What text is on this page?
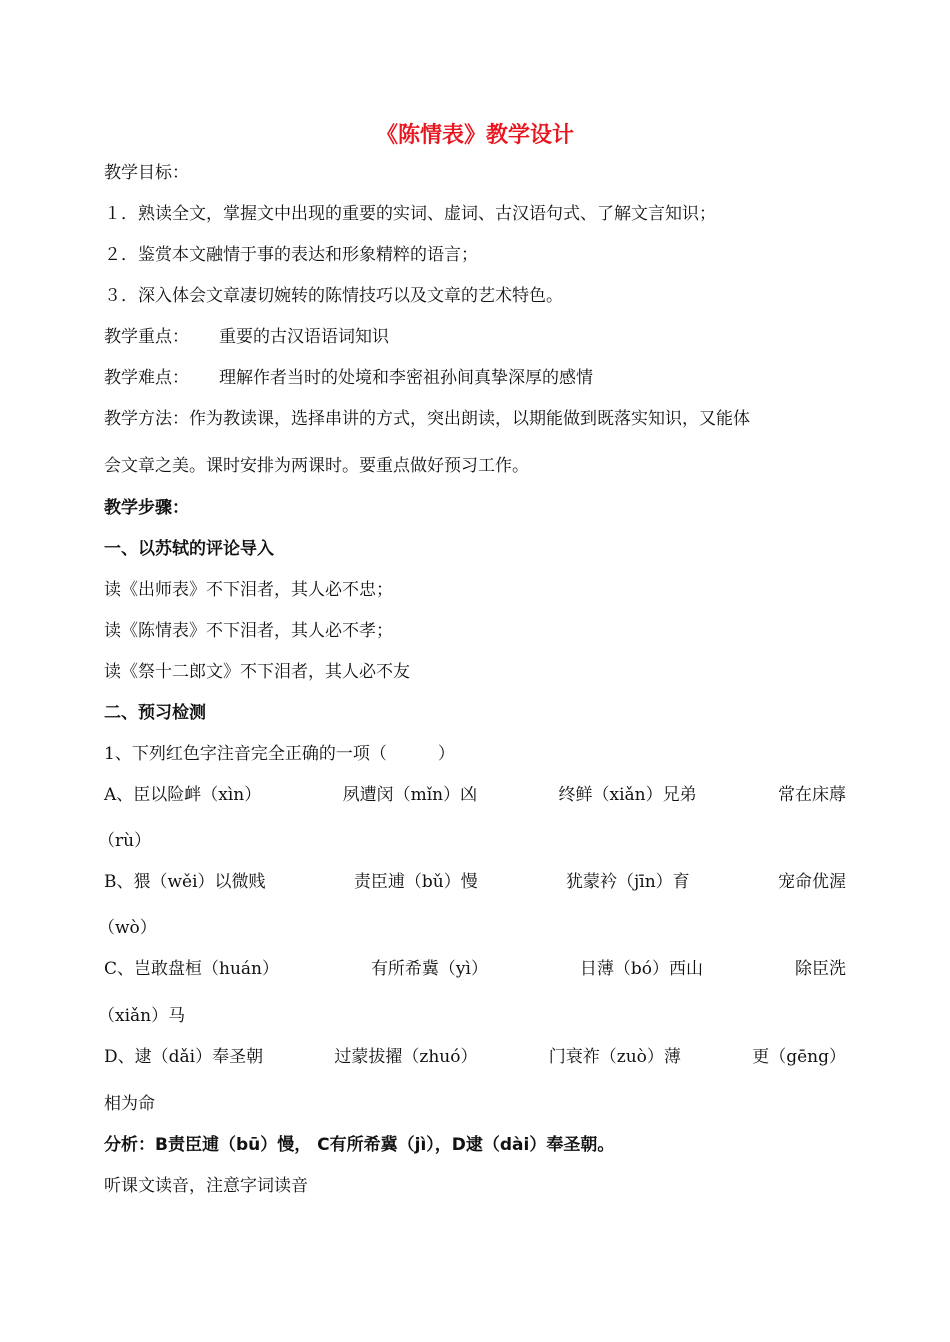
《陈情表》教学设计
教学目标：
１．熟读全文，掌握文中出现的重要的实词、虚词、古汉语句式、了解文言知识；
２．鉴赏本文融情于事的表达和形象精粹的语言；
３．深入体会文章凄切婉转的陈情技巧以及文章的艺术特色。
教学重点： 重要的古汉语语词知识
教学难点： 理解作者当时的处境和李密祖孙间真挚深厚的感情
教学方法：作为教读课，选择串讲的方式，突出朗读，以期能做到既落实知识，又能体
会文章之美。课时安排为两课时。要重点做好预习工作。
教学步骤：
一、以苏轼的评论导入
读《出师表》不下泪者，其人必不忠；
读《陈情表》不下泪者，其人必不孝；
读《祭十二郎文》不下泪者，其人必不友
二、预习检测
1、下列红色字注音完全正确的一项（　　　）
A、臣以险衅（xìn）	夙遭闵（mǐn）凶	终鲜（xiǎn）兄弟	常在床蓐
（rù）
B、猥（wěi）以微贱	责臣逋（bǔ）慢	犹蒙衿（jīn）育	宠命优渥
（wò）
C、岂敢盘桓（huán）	有所希冀（yì）	日薄（bó）西山	除臣洗
（xiǎn）马
D、逮（dǎi）奉圣朝	过蒙拔擢（zhuó）	门衰祚（zuò）薄	更（gēng）
相为命
分析：B责臣逋（bū）慢， C有所希冀（jì），D逮（dài）奉圣朝。
听课文读音，注意字词读音
